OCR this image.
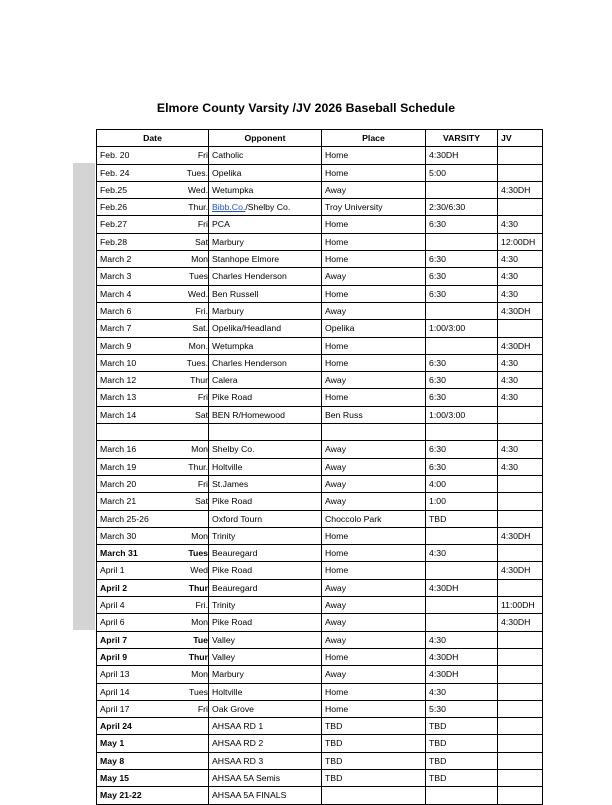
Elmore County Varsity /JV 2026 Baseball Schedule
Date	Opponent	Place	VARSITY	JV

Feb. 20 Fri	Catholic	Home	4:30DH	

Feb. 24 Tues.	Opelika	Home	5:00	

Feb.25 Wed.	Wetumpka	Away		4:30DH

Feb.26 Thur.	Bibb.Co./Shelby Co.	Troy University	2:30/6:30	

Feb.27 Fri	PCA	Home	6:30	4:30

Feb.28 Sat	Marbury	Home		12:00DH

March 2 Mon	Stanhope Elmore	Home	6:30	4:30

March 3 Tues	Charles Henderson	Away	6:30	4:30

March 4 Wed.	Ben Russell	Home	6:30	4:30

March 6 Fri.	Marbury	Away		4:30DH

March 7 Sat.	Opelika/Headland	Opelika	1:00/3:00	

March 9 Mon.	Wetumpka	Home		4:30DH

March 10 Tues.	Charles Henderson	Home	6:30	4:30

March 12 Thur	Calera	Away	6:30	4:30

March 13 Fri	Pike Road	Home	6:30	4:30

March 14 Sat	BEN R/Homewood	Ben Russ	1:00/3:00	

March 16 Mon	Shelby Co.	Away	6:30	4:30

March 19 Thur.	Holtville	Away	6:30	4:30

March 20 Fri	St.James	Away	4:00	

March 21 Sat	Pike Road	Away	1:00	

March 25-26	Oxford Tourn	Choccolo Park	TBD	

March 30 Mon	Trinity	Home		4:30DH

March 31 Tues	Beauregard	Home	4:30	

April 1 Wed	Pike Road	Home		4:30DH

April 2 Thur	Beauregard	Away	4:30DH	

April 4 Fri.	Trinity	Away		11:00DH

April 6 Mon	Pike Road	Away		4:30DH

April 7 Tue	Valley	Away	4:30	

April 9 Thur	Valley	Home	4:30DH	

April 13 Mon	Marbury	Away	4:30DH	

April 14 Tues	Holtville	Home	4:30	

April 17 Fri	Oak Grove	Home	5:30	

April 24	AHSAA RD 1	TBD	TBD	

May 1	AHSAA RD 2	TBD	TBD	

May 8	AHSAA RD 3	TBD	TBD	

May 15	AHSAA 5A Semis	TBD	TBD	

May 21-22	AHSAA 5A FINALS			
